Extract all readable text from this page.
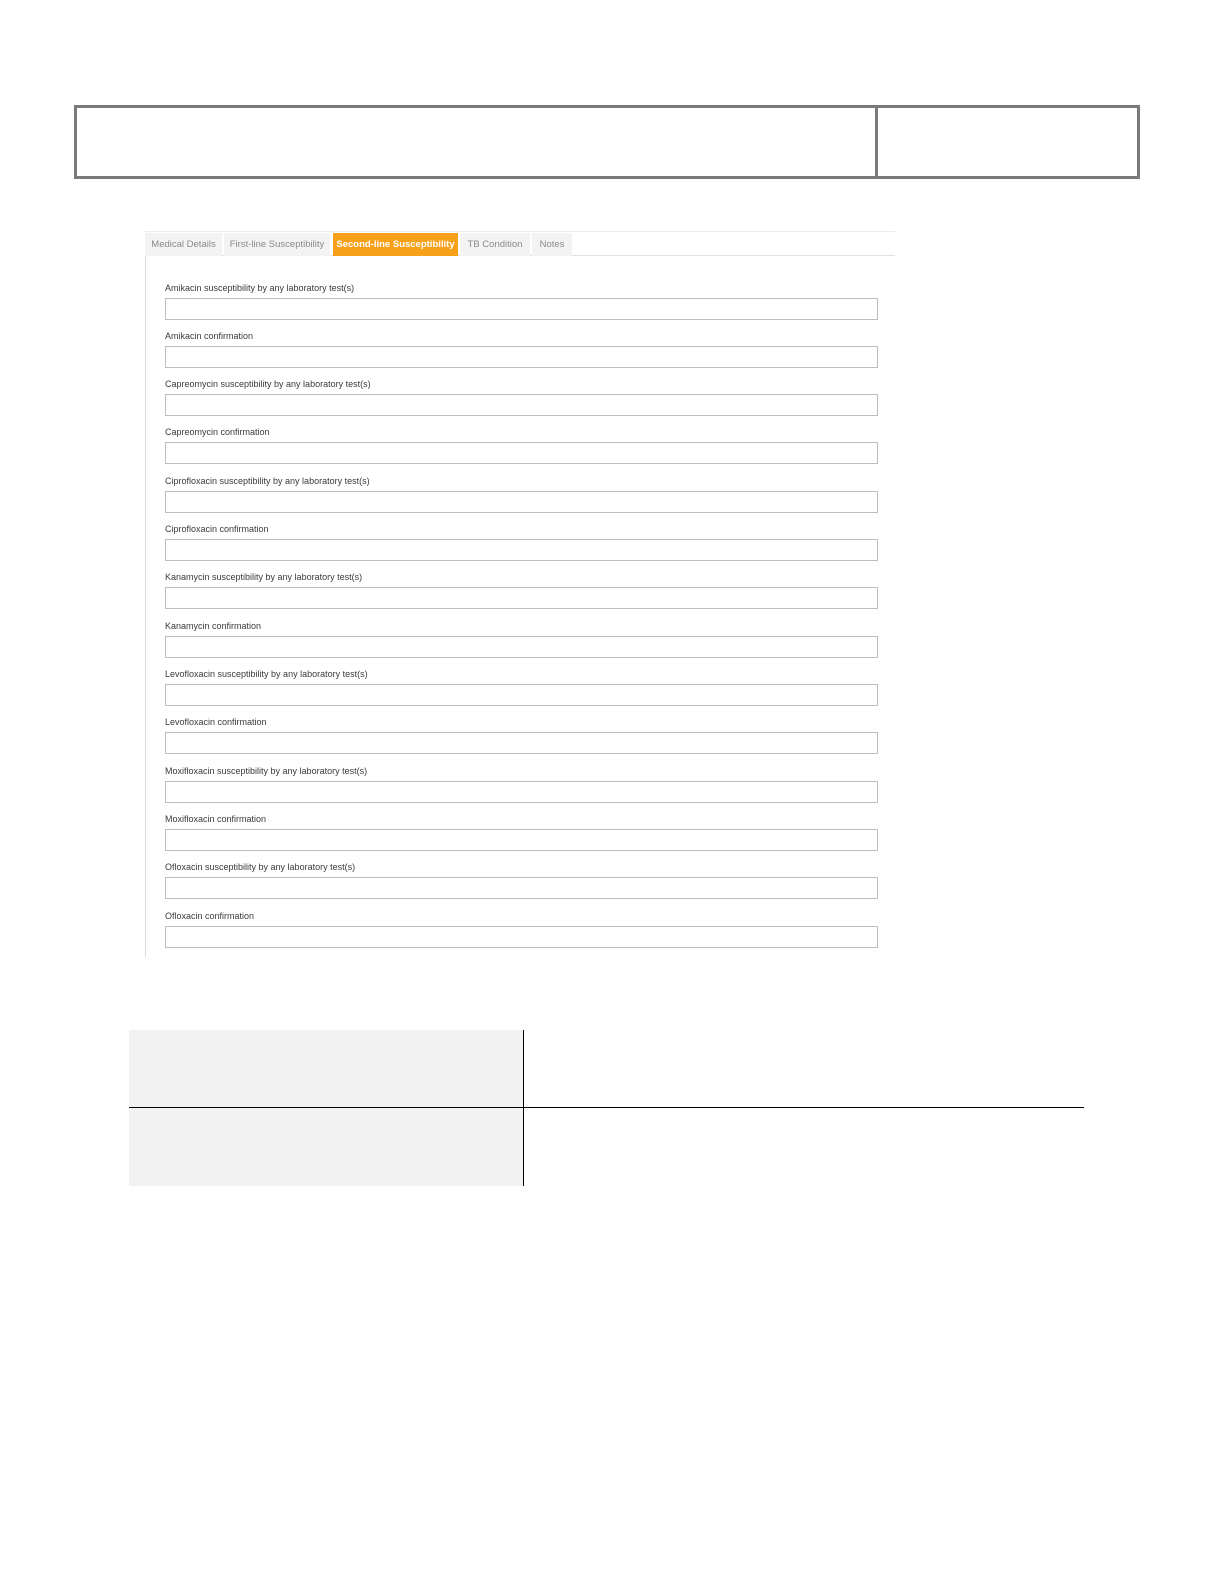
Medical Details	First-line Susceptibility	Second-line Susceptibility	TB Condition	Notes
Amikacin susceptibility by any laboratory test(s)
Amikacin confirmation
Capreomycin susceptibility by any laboratory test(s)
Capreomycin confirmation
Ciprofloxacin susceptibility by any laboratory test(s)
Ciprofloxacin confirmation
Kanamycin susceptibility by any laboratory test(s)
Kanamycin confirmation
Levofloxacin susceptibility by any laboratory test(s)
Levofloxacin confirmation
Moxifloxacin susceptibility by any laboratory test(s)
Moxifloxacin confirmation
Ofloxacin susceptibility by any laboratory test(s)
Ofloxacin confirmation
